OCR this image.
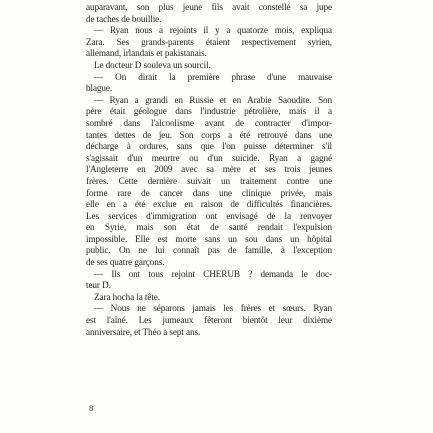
auparavant, son plus jeune fils avait constellé sa jupe
de taches de bouillie.
— Ryan nous a rejoints il y a quatorze mois, expliqua
Zara. Ses grands-parents étaient respectivement syrien,
allemand, irlandais et pakistanais.
Le docteur D souleva un sourcil.
— On dirait la première phrase d'une mauvaise
blague.
— Ryan a grandi en Russie et en Arabie Saoudite. Son
père était géologue dans l'industrie pétrolière, mais il a
sombré dans l'alcoolisme avant de contracter d'impor-
tantes dettes de jeu. Son corps a été retrouvé dans une
décharge à ordures, sans que l'on puisse déterminer s'il
s'agissait d'un meurtre ou d'un suicide. Ryan a gagné
l'Angleterre en 2009 avec sa mère et ses trois jeunes
frères. Cette dernière suivait un traitement contre une
forme rare de cancer dans une clinique privée, mais
elle en a été exclue en raison de difficultés financières.
Les services d'immigration ont envisagé de la renvoyer
en Syrie, mais son état de santé rendait l'expulsion
impossible. Elle est morte sans un sou dans un hôpital
public. On ne lui connaît pas de famille, à l'exception
de ses quatre garçons.
— Ils ont tous rejoint CHERUB ? demanda le doc-
teur D.
Zara hocha la tête.
— Nous ne séparons jamais les frères et sœurs. Ryan
est l'aîné. Les jumeaux fêteront bientôt leur dixième
anniversaire, et Théo a sept ans.
8
